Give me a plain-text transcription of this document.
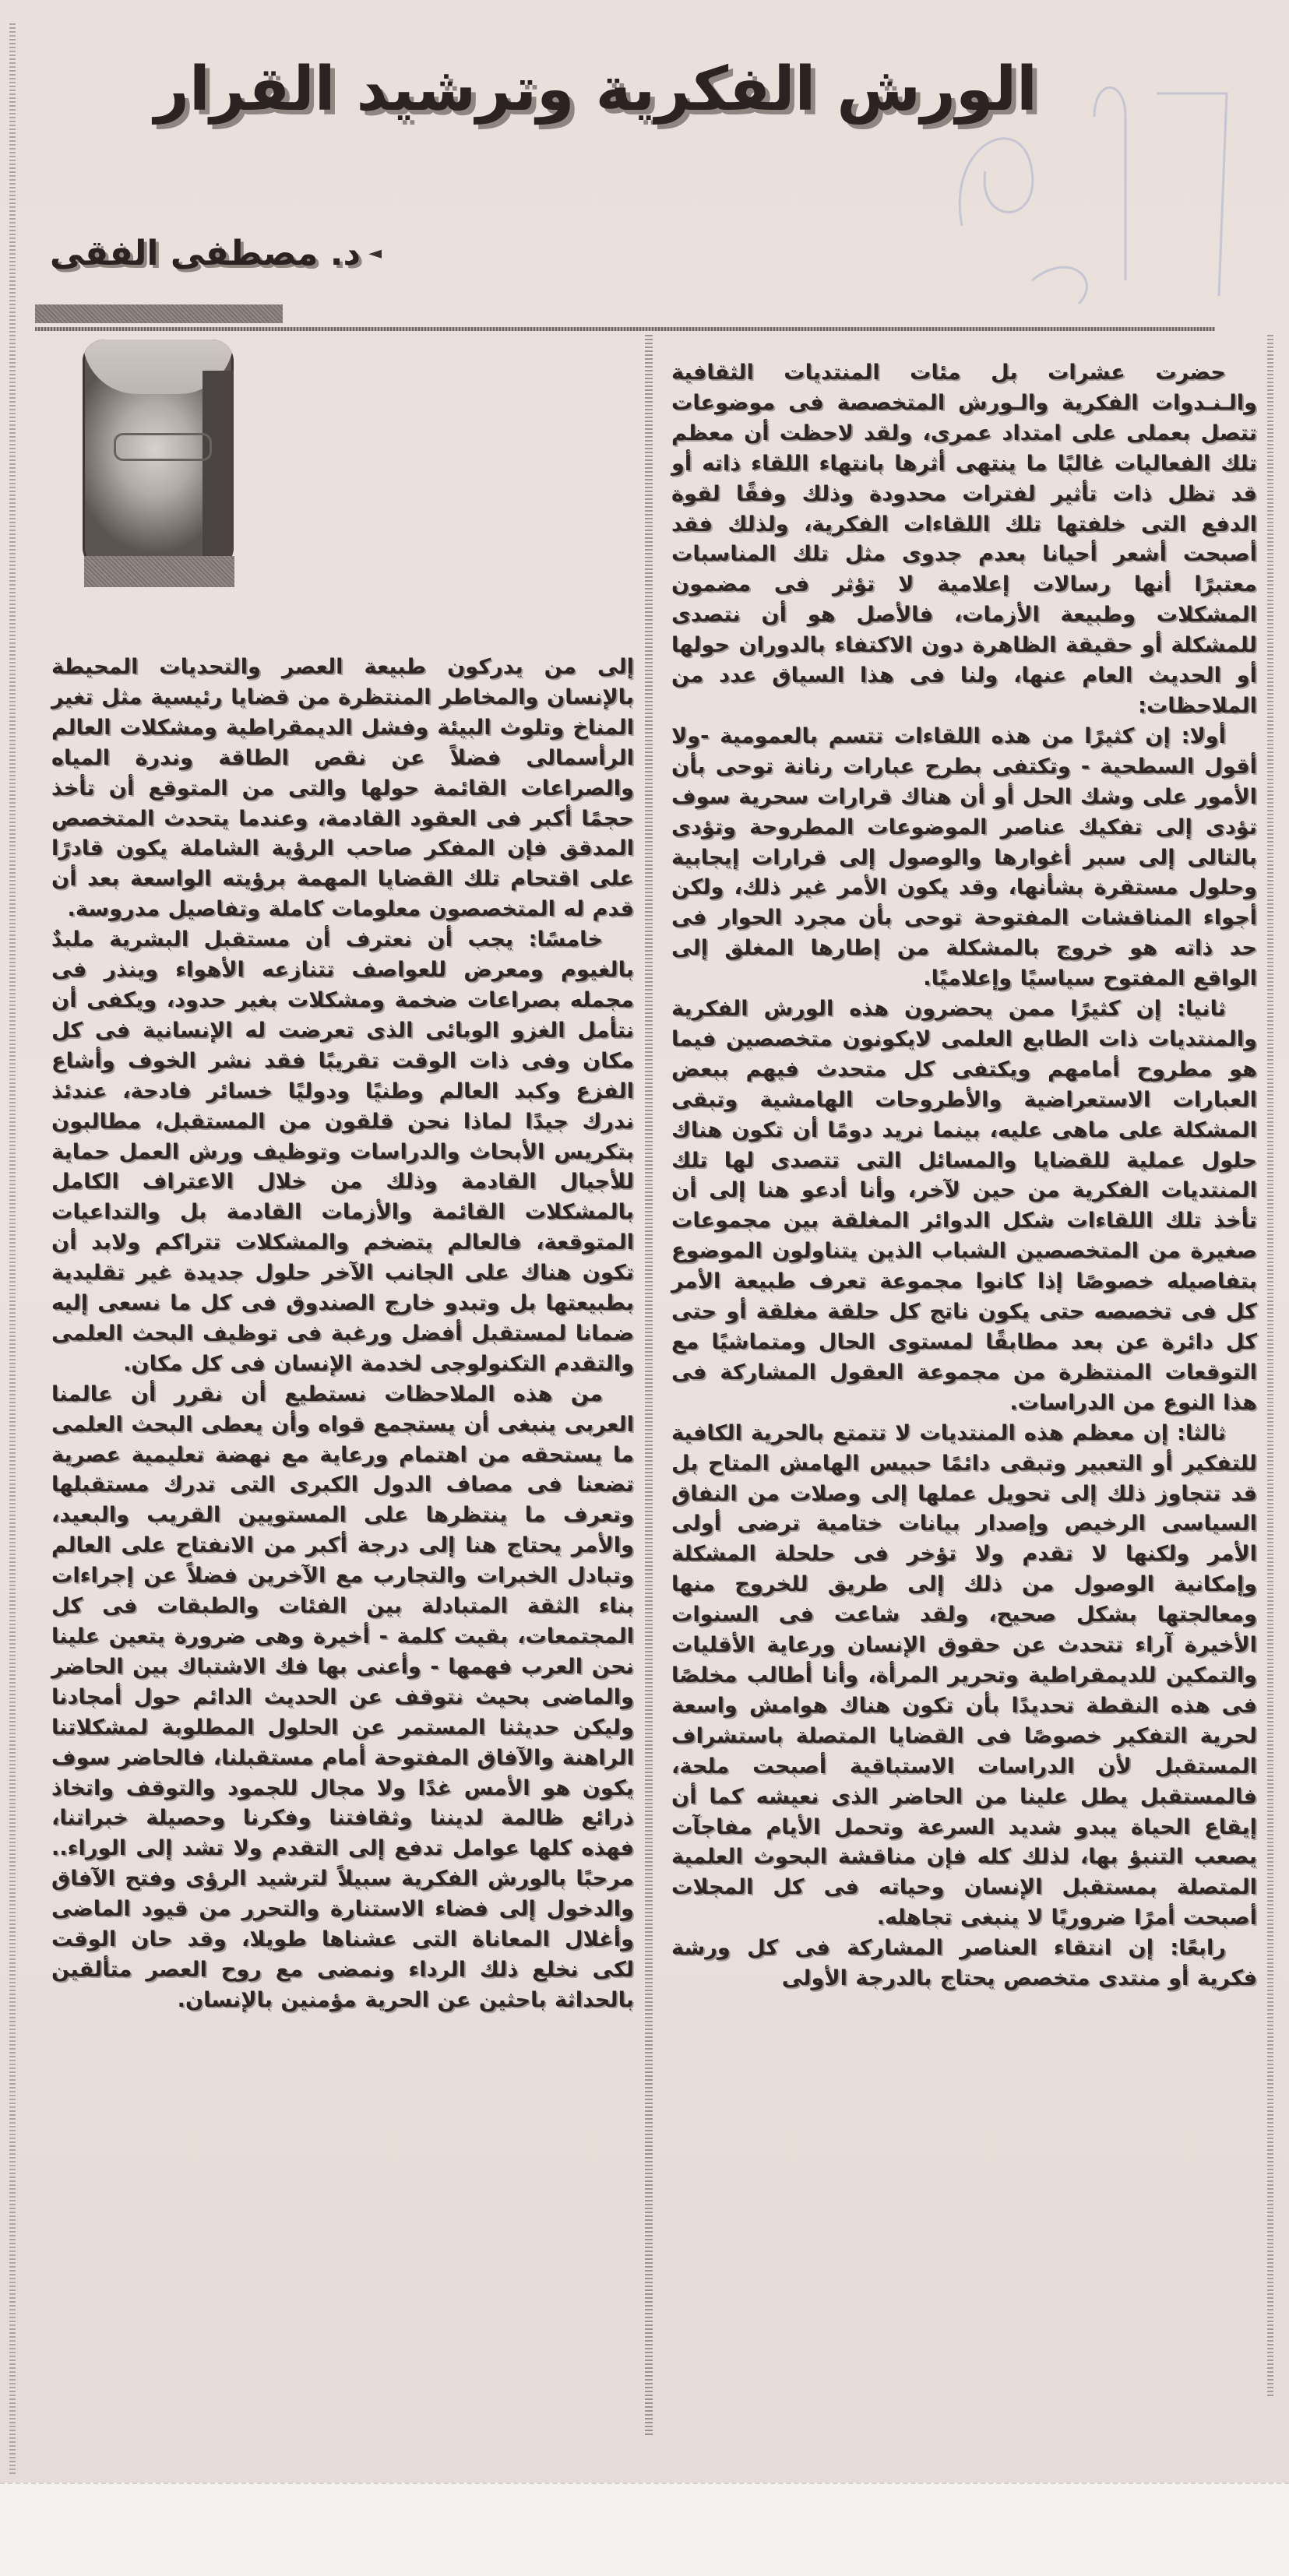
الورش الفكرية وترشيد القرار
◄
د. مصطفى الفقى

حضرت عشرات بل مئات المنتديات الثقافية والـنـدوات الفكرية والـورش المتخصصة فى موضوعات تتصل بعملى على امتداد عمرى، ولقد لاحظت أن معظم تلك الفعاليات غالبًا ما ينتهى أثرها بانتهاء اللقاء ذاته أو قد تظل ذات تأثير لفترات محدودة وذلك وفقًا لقوة الدفع التى خلفتها تلك اللقاءات الفكرية، ولذلك فقد أصبحت أشعر أحيانا بعدم جدوى مثل تلك المناسبات معتبرًا أنها رسالات إعلامية لا تؤثر فى مضمون المشكلات وطبيعة الأزمات، فالأصل هو أن نتصدى للمشكلة أو حقيقة الظاهرة دون الاكتفاء بالدوران حولها أو الحديث العام عنها، ولنا فى هذا السياق عدد من الملاحظات:

أولا: إن كثيرًا من هذه اللقاءات تتسم بالعمومية -ولا أقول السطحية - وتكتفى بطرح عبارات رنانة توحى بأن الأمور على وشك الحل أو أن هناك قرارات سحرية سوف تؤدى إلى تفكيك عناصر الموضوعات المطروحة وتؤدى بالتالى إلى سبر أغوارها والوصول إلى قرارات إيجابية وحلول مستقرة بشأنها، وقد يكون الأمر غير ذلك، ولكن أجواء المناقشات المفتوحة توحى بأن مجرد الحوار فى حد ذاته هو خروج بالمشكلة من إطارها المغلق إلى الواقع المفتوح سياسيًا وإعلاميًا.

ثانيا: إن كثيرًا ممن يحضرون هذه الورش الفكرية والمنتديات ذات الطابع العلمى لايكونون متخصصين فيما هو مطروح أمامهم ويكتفى كل متحدث فيهم ببعض العبارات الاستعراضية والأطروحات الهامشية وتبقى المشكلة على ماهى عليه، بينما نريد دومًا أن تكون هناك حلول عملية للقضايا والمسائل التى تتصدى لها تلك المنتديات الفكرية من حين لآخر، وأنا أدعو هنا إلى أن تأخذ تلك اللقاءات شكل الدوائر المغلقة بين مجموعات صغيرة من المتخصصين الشباب الذين يتناولون الموضوع بتفاصيله خصوصًا إذا كانوا مجموعة تعرف طبيعة الأمر كل فى تخصصه حتى يكون ناتج كل حلقة مغلقة أو حتى كل دائرة عن بعد مطابقًا لمستوى الحال ومتماشيًا مع التوقعات المنتظرة من مجموعة العقول المشاركة فى هذا النوع من الدراسات.

ثالثا: إن معظم هذه المنتديات لا تتمتع بالحرية الكافية للتفكير أو التعبير وتبقى دائمًا حبيس الهامش المتاح بل قد تتجاوز ذلك إلى تحويل عملها إلى وصلات من النفاق السياسى الرخيص وإصدار بيانات ختامية ترضى أولى الأمر ولكنها لا تقدم ولا تؤخر فى حلحلة المشكلة وإمكانية الوصول من ذلك إلى طريق للخروج منها ومعالجتها بشكل صحيح، ولقد شاعت فى السنوات الأخيرة آراء تتحدث عن حقوق الإنسان ورعاية الأقليات والتمكين للديمقراطية وتحرير المرأة، وأنا أطالب مخلصًا فى هذه النقطة تحديدًا بأن تكون هناك هوامش واسعة لحرية التفكير خصوصًا فى القضايا المتصلة باستشراف المستقبل لأن الدراسات الاستباقية أصبحت ملحة، فالمستقبل يطل علينا من الحاضر الذى نعيشه كما أن إيقاع الحياة يبدو شديد السرعة وتحمل الأيام مفاجآت يصعب التنبؤ بها، لذلك كله فإن مناقشة البحوث العلمية المتصلة بمستقبل الإنسان وحياته فى كل المجلات أصبحت أمرًا ضروريًا لا ينبغى تجاهله.

رابعًا: إن انتقاء العناصر المشاركة فى كل ورشة فكرية أو منتدى متخصص يحتاج بالدرجة الأولى

إلى من يدركون طبيعة العصر والتحديات المحيطة بالإنسان والمخاطر المنتظرة من قضايا رئيسية مثل تغير المناخ وتلوث البيئة وفشل الديمقراطية ومشكلات العالم الرأسمالى فضلاً عن نقص الطاقة وندرة المياه والصراعات القائمة حولها والتى من المتوقع أن تأخذ حجمًا أكبر فى العقود القادمة، وعندما يتحدث المتخصص المدقق فإن المفكر صاحب الرؤية الشاملة يكون قادرًا على اقتحام تلك القضايا المهمة برؤيته الواسعة بعد أن قدم له المتخصصون معلومات كاملة وتفاصيل مدروسة.

خامسًا: يجب أن نعترف أن مستقبل البشرية ملبدٌ بالغيوم ومعرض للعواصف تتنازعه الأهواء وينذر فى مجمله بصراعات ضخمة ومشكلات بغير حدود، ويكفى أن نتأمل الغزو الوبائى الذى تعرضت له الإنسانية فى كل مكان وفى ذات الوقت تقريبًا فقد نشر الخوف وأشاع الفزع وكبد العالم وطنيًا ودوليًا خسائر فادحة، عندئذ ندرك جيدًا لماذا نحن قلقون من المستقبل، مطالبون بتكريس الأبحاث والدراسات وتوظيف ورش العمل حماية للأجيال القادمة وذلك من خلال الاعتراف الكامل بالمشكلات القائمة والأزمات القادمة بل والتداعيات المتوقعة، فالعالم يتضخم والمشكلات تتراكم ولابد أن تكون هناك على الجانب الآخر حلول جديدة غير تقليدية بطبيعتها بل وتبدو خارج الصندوق فى كل ما نسعى إليه ضمانا لمستقبل أفضل ورغبة فى توظيف البحث العلمى والتقدم التكنولوجى لخدمة الإنسان فى كل مكان.

من هذه الملاحظات نستطيع أن نقرر أن عالمنا العربى ينبغى أن يستجمع قواه وأن يعطى البحث العلمى ما يستحقه من اهتمام ورعاية مع نهضة تعليمية عصرية تضعنا فى مصاف الدول الكبرى التى تدرك مستقبلها وتعرف ما ينتظرها على المستويين القريب والبعيد، والأمر يحتاج هنا إلى درجة أكبر من الانفتاح على العالم وتبادل الخبرات والتجارب مع الآخرين فضلاً عن إجراءات بناء الثقة المتبادلة بين الفئات والطبقات فى كل المجتمعات، بقيت كلمة - أخيرة وهى ضرورة يتعين علينا نحن العرب فهمها - وأعنى بها فك الاشتباك بين الحاضر والماضى بحيث نتوقف عن الحديث الدائم حول أمجادنا وليكن حديثنا المستمر عن الحلول المطلوبة لمشكلاتنا الراهنة والآفاق المفتوحة أمام مستقبلنا، فالحاضر سوف يكون هو الأمس غدًا ولا مجال للجمود والتوقف واتخاذ ذرائع ظالمة لديننا وثقافتنا وفكرنا وحصيلة خبراتنا، فهذه كلها عوامل تدفع إلى التقدم ولا تشد إلى الوراء.. مرحبًا بالورش الفكرية سبيلاً لترشيد الرؤى وفتح الآفاق والدخول إلى فضاء الاستنارة والتحرر من قيود الماضى وأغلال المعاناة التى عشناها طويلا، وقد حان الوقت لكى نخلع ذلك الرداء ونمضى مع روح العصر متألقين بالحداثة باحثين عن الحرية مؤمنين بالإنسان.
